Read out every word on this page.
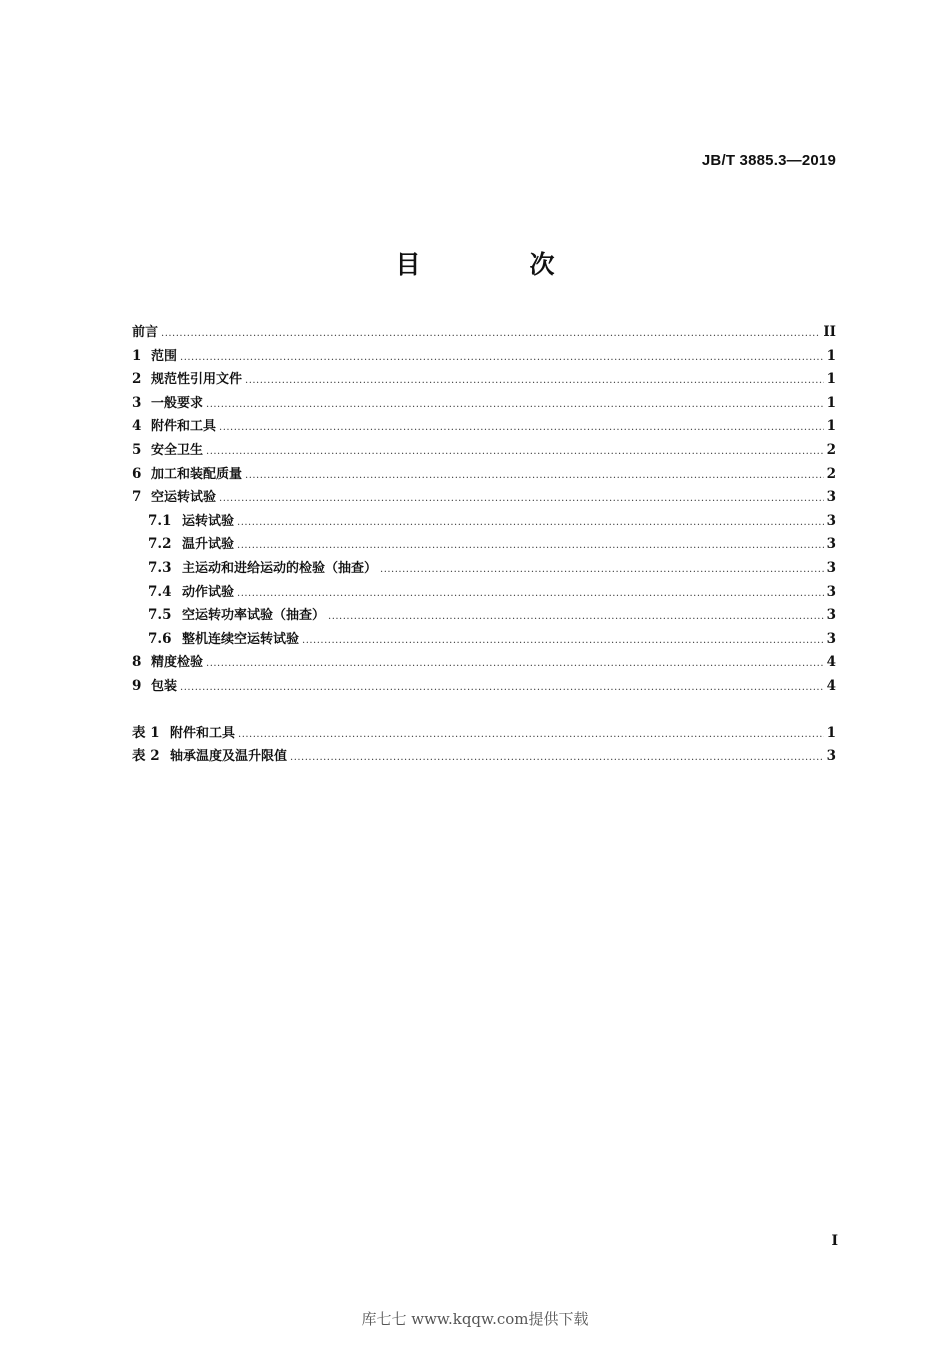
JB/T 3885.3—2019
目　次
前言 .....	II
1 范围 .....	1
2 规范性引用文件 .....	1
3 一般要求 .....	1
4 附件和工具 .....	1
5 安全卫生 .....	2
6 加工和装配质量 .....	2
7 空运转试验 .....	3
7.1 运转试验 .....	3
7.2 温升试验 .....	3
7.3 主运动和进给运动的检验（抽查） .....	3
7.4 动作试验 .....	3
7.5 空运转功率试验（抽查） .....	3
7.6 整机连续空运转试验 .....	3
8 精度检验 .....	4
9 包装 .....	4
表 1 附件和工具 .....	1
表 2 轴承温度及温升限值 .....	3
I
库七七 www.kqqw.com提供下载
